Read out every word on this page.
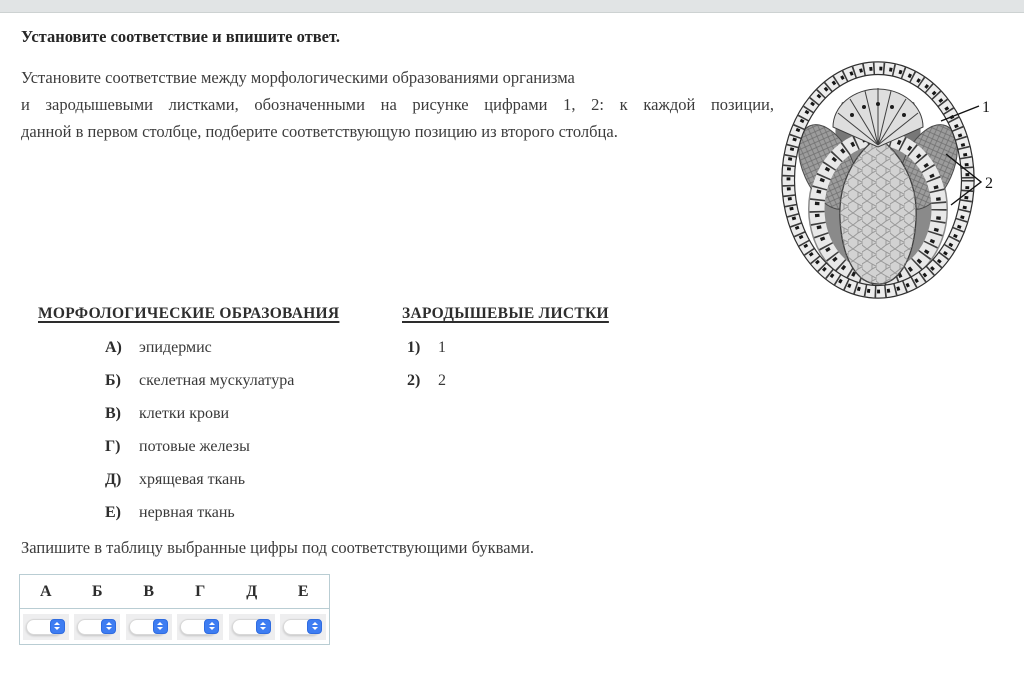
Установите соответствие и впишите ответ.
Установите соответствие между морфологическими образованиями организма
и зародышевыми листками, обозначенными на рисунке цифрами 1, 2: к каждой позиции,
данной в первом столбце, подберите соответствующую позицию из второго столбца.
1
2
МОРФОЛОГИЧЕСКИЕ ОБРАЗОВАНИЯ	ЗАРОДЫШЕВЫЕ ЛИСТКИ
А) эпидермис	1) 1
Б) скелетная мускулатура	2) 2
В) клетки крови
Г) потовые железы
Д) хрящевая ткань
Е) нервная ткань
Запишите в таблицу выбранные цифры под соответствующими буквами.
А	Б	В	Г	Д	Е
